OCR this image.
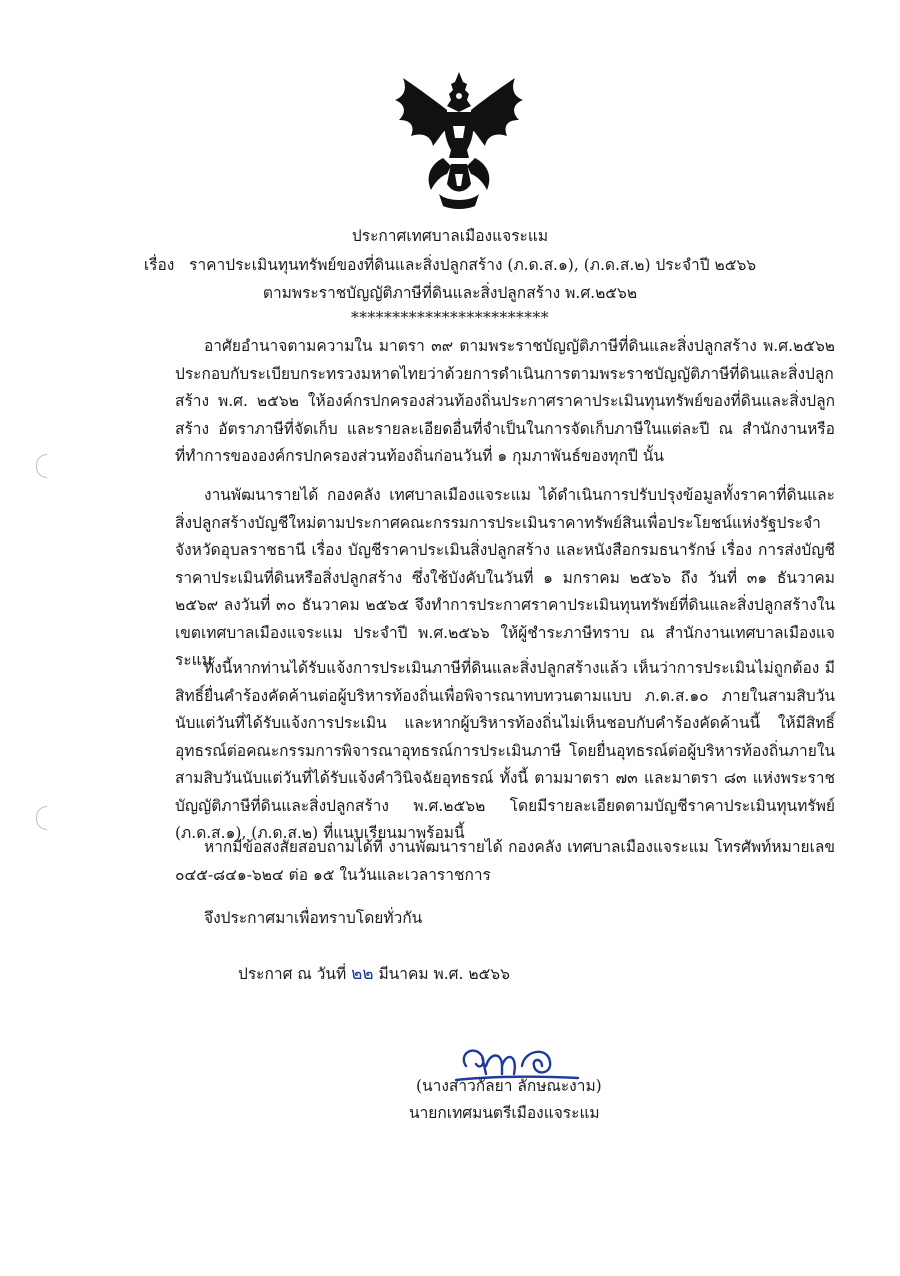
ประกาศเทศบาลเมืองแจระแม
เรื่อง ราคาประเมินทุนทรัพย์ของที่ดินและสิ่งปลูกสร้าง (ภ.ด.ส.๑), (ภ.ด.ส.๒) ประจำปี ๒๕๖๖
ตามพระราชบัญญัติภาษีที่ดินและสิ่งปลูกสร้าง พ.ศ.๒๕๖๒
************************

อาศัยอำนาจตามความใน มาตรา ๓๙ ตามพระราชบัญญัติภาษีที่ดินและสิ่งปลูกสร้าง พ.ศ.๒๕๖๒ ประกอบกับระเบียบกระทรวงมหาดไทยว่าด้วยการดำเนินการตามพระราชบัญญัติภาษีที่ดินและสิ่งปลูกสร้าง พ.ศ. ๒๕๖๒ ให้องค์กรปกครองส่วนท้องถิ่นประกาศราคาประเมินทุนทรัพย์ของที่ดินและสิ่งปลูกสร้าง อัตราภาษีที่จัดเก็บ และรายละเอียดอื่นที่จำเป็นในการจัดเก็บภาษีในแต่ละปี ณ สำนักงานหรือที่ทำการขององค์กรปกครองส่วนท้องถิ่นก่อนวันที่ ๑ กุมภาพันธ์ของทุกปี นั้น

งานพัฒนารายได้ กองคลัง เทศบาลเมืองแจระแม ได้ดำเนินการปรับปรุงข้อมูลทั้งราคาที่ดินและสิ่งปลูกสร้างบัญชีใหม่ตามประกาศคณะกรรมการประเมินราคาทรัพย์สินเพื่อประโยชน์แห่งรัฐประจำจังหวัดอุบลราชธานี เรื่อง บัญชีราคาประเมินสิ่งปลูกสร้าง และหนังสือกรมธนารักษ์ เรื่อง การส่งบัญชีราคาประเมินที่ดินหรือสิ่งปลูกสร้าง ซึ่งใช้บังคับในวันที่ ๑ มกราคม ๒๕๖๖ ถึง วันที่ ๓๑ ธันวาคม ๒๕๖๙ ลงวันที่ ๓๐ ธันวาคม ๒๕๖๕ จึงทำการประกาศราคาประเมินทุนทรัพย์ที่ดินและสิ่งปลูกสร้างในเขตเทศบาลเมืองแจระแม ประจำปี พ.ศ.๒๕๖๖ ให้ผู้ชำระภาษีทราบ ณ สำนักงานเทศบาลเมืองแจระแม

ทั้งนี้หากท่านได้รับแจ้งการประเมินภาษีที่ดินและสิ่งปลูกสร้างแล้ว เห็นว่าการประเมินไม่ถูกต้อง มีสิทธิ์ยื่นคำร้องคัดค้านต่อผู้บริหารท้องถิ่นเพื่อพิจารณาทบทวนตามแบบ ภ.ด.ส.๑๐ ภายในสามสิบวันนับแต่วันที่ได้รับแจ้งการประเมิน และหากผู้บริหารท้องถิ่นไม่เห็นชอบกับคำร้องคัดค้านนี้ ให้มีสิทธิ์อุทธรณ์ต่อคณะกรรมการพิจารณาอุทธรณ์การประเมินภาษี โดยยื่นอุทธรณ์ต่อผู้บริหารท้องถิ่นภายในสามสิบวันนับแต่วันที่ได้รับแจ้งคำวินิจฉัยอุทธรณ์ ทั้งนี้ ตามมาตรา ๗๓ และมาตรา ๘๓ แห่งพระราชบัญญัติภาษีที่ดินและสิ่งปลูกสร้าง พ.ศ.๒๕๖๒ โดยมีรายละเอียดตามบัญชีราคาประเมินทุนทรัพย์ (ภ.ด.ส.๑), (ภ.ด.ส.๒) ที่แนบเรียนมาพร้อมนี้

หากมีข้อสงสัยสอบถามได้ที่ งานพัฒนารายได้ กองคลัง เทศบาลเมืองแจระแม โทรศัพท์หมายเลข ๐๔๕-๘๔๑-๖๒๔ ต่อ ๑๕ ในวันและเวลาราชการ

จึงประกาศมาเพื่อทราบโดยทั่วกัน
ประกาศ ณ วันที่ ๒๒ มีนาคม พ.ศ. ๒๕๖๖
(นางสาวกัลยา ลักษณะงาม)
นายกเทศมนตรีเมืองแจระแม
